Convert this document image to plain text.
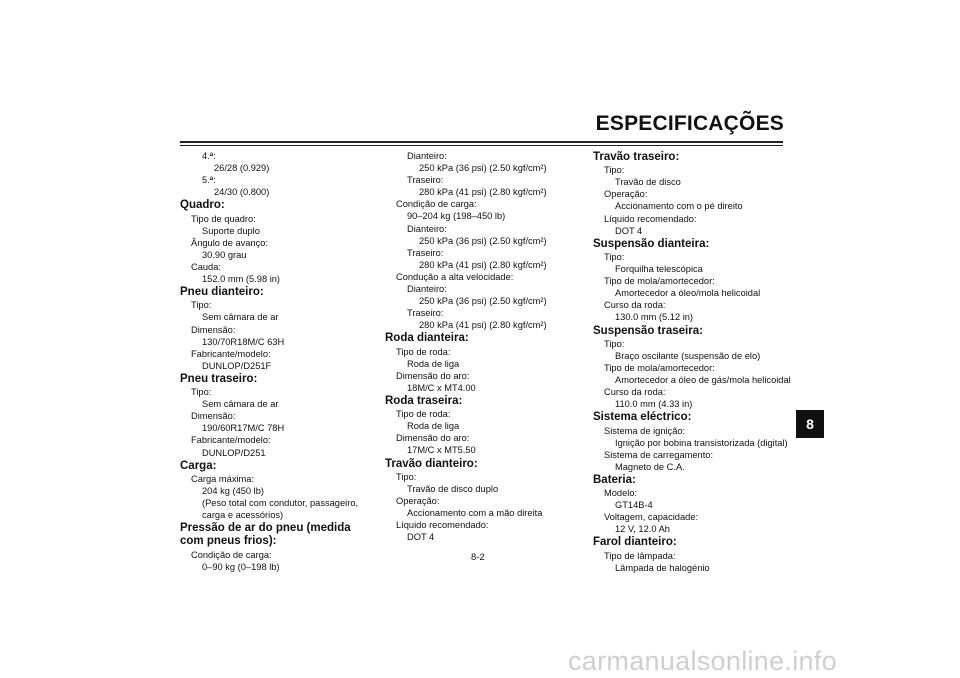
ESPECIFICAÇÕES
4.ª:
26/28 (0.929)
5.ª:
24/30 (0.800)
Quadro:
Tipo de quadro:
Suporte duplo
Ângulo de avanço:
30.90 grau
Cauda:
152.0 mm (5.98 in)
Pneu dianteiro:
Tipo:
Sem câmara de ar
Dimensão:
130/70R18M/C 63H
Fabricante/modelo:
DUNLOP/D251F
Pneu traseiro:
Tipo:
Sem câmara de ar
Dimensão:
190/60R17M/C 78H
Fabricante/modelo:
DUNLOP/D251
Carga:
Carga máxima:
204 kg (450 lb)
(Peso total com condutor, passageiro,
carga e acessórios)
Pressão de ar do pneu (medida com pneus frios):
Condição de carga:
0–90 kg (0–198 lb)
Dianteiro:
250 kPa (36 psi) (2.50 kgf/cm²)
Traseiro:
280 kPa (41 psi) (2.80 kgf/cm²)
Condição de carga:
90–204 kg (198–450 lb)
Dianteiro:
250 kPa (36 psi) (2.50 kgf/cm²)
Traseiro:
280 kPa (41 psi) (2.80 kgf/cm²)
Condução a alta velocidade:
Dianteiro:
250 kPa (36 psi) (2.50 kgf/cm²)
Traseiro:
280 kPa (41 psi) (2.80 kgf/cm²)
Roda dianteira:
Tipo de roda:
Roda de liga
Dimensão do aro:
18M/C x MT4.00
Roda traseira:
Tipo de roda:
Roda de liga
Dimensão do aro:
17M/C x MT5.50
Travão dianteiro:
Tipo:
Travão de disco duplo
Operação:
Accionamento com a mão direita
Líquido recomendado:
DOT 4
Travão traseiro:
Tipo:
Travão de disco
Operação:
Accionamento com o pé direito
Líquido recomendado:
DOT 4
Suspensão dianteira:
Tipo:
Forquilha telescópica
Tipo de mola/amortecedor:
Amortecedor a óleo/mola helicoidal
Curso da roda:
130.0 mm (5.12 in)
Suspensão traseira:
Tipo:
Braço oscilante (suspensão de elo)
Tipo de mola/amortecedor:
Amortecedor a óleo de gás/mola helicoidal
Curso da roda:
110.0 mm (4.33 in)
Sistema eléctrico:
Sistema de ignição:
Ignição por bobina transistorizada (digital)
Sistema de carregamento:
Magneto de C.A.
Bateria:
Modelo:
GT14B-4
Voltagem, capacidade:
12 V, 12.0 Ah
Farol dianteiro:
Tipo de lâmpada:
Lâmpada de halogénio
8-2
8
carmanualsonline.info
